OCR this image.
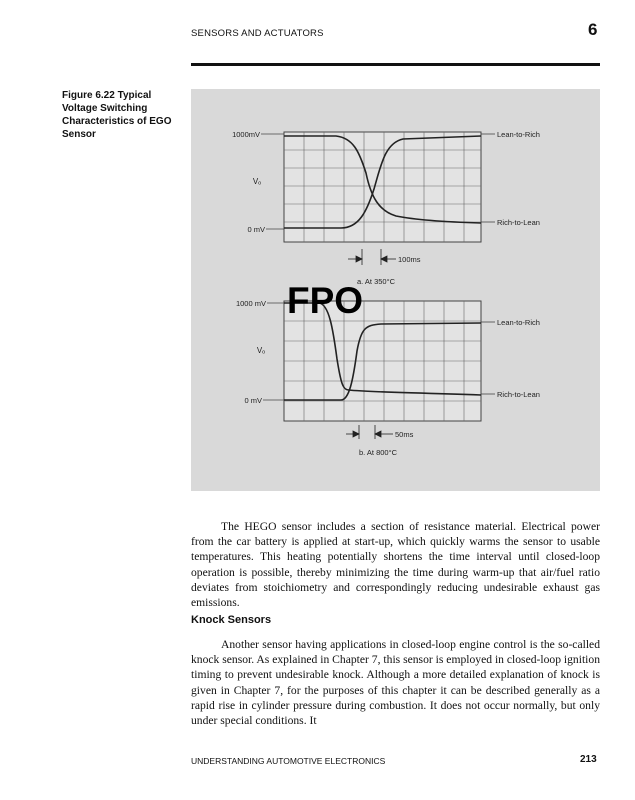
SENSORS AND ACTUATORS	6
Figure 6.22 Typical Voltage Switching Characteristics of EGO Sensor	1000mV
Vₒ
0 mV
Lean-to-Rich
Rich-to-Lean
100ms
a. At 350°C
1000 mV
Vₒ
0 mV
Lean-to-Rich
Rich-to-Lean
50ms
b. At 800°C
FPO

The HEGO sensor includes a section of resistance material. Electrical power from the car battery is applied at start-up, which quickly warms the sensor to usable temperatures. This heating potentially shortens the time interval until closed-loop operation is possible, thereby minimizing the time during warm-up that air/fuel ratio deviates from stoichiometry and correspondingly reducing undesirable exhaust gas emissions.

Knock Sensors

Another sensor having applications in closed-loop engine control is the so-called knock sensor. As explained in Chapter 7, this sensor is employed in closed-loop ignition timing to prevent undesirable knock. Although a more detailed explanation of knock is given in Chapter 7, for the purposes of this chapter it can be described generally as a rapid rise in cylinder pressure during combustion. It does not occur normally, but only under special conditions. It

UNDERSTANDING AUTOMOTIVE ELECTRONICS	213
